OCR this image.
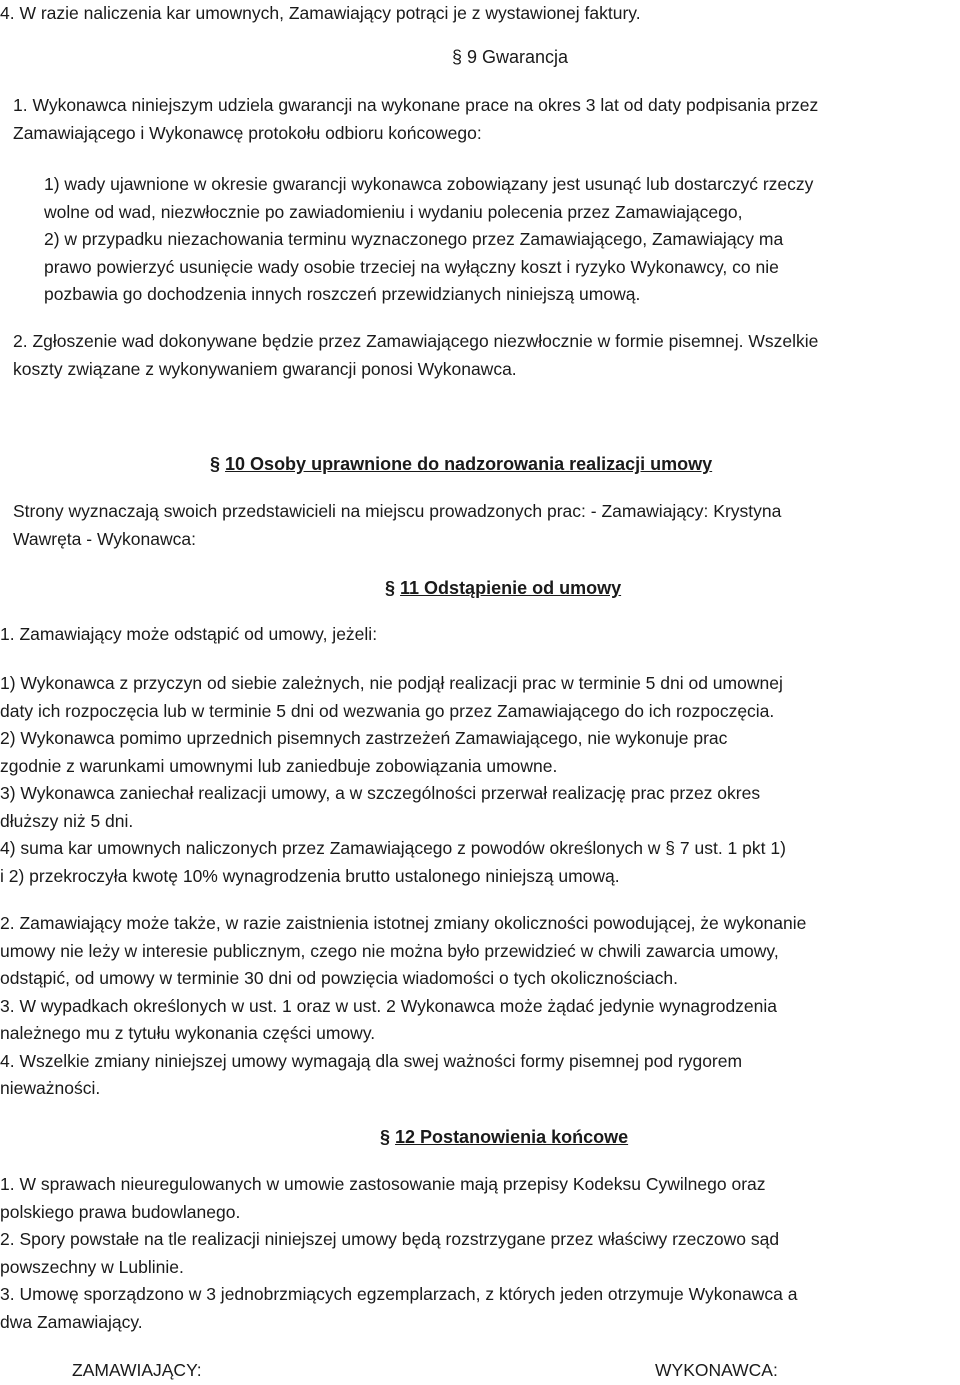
4. W razie naliczenia kar umownych, Zamawiający potrąci je z wystawionej faktury.
§ 9 Gwarancja
1. Wykonawca niniejszym udziela gwarancji na wykonane prace na okres 3 lat od daty podpisania przez
Zamawiającego i Wykonawcę protokołu odbioru końcowego:
1) wady ujawnione w okresie gwarancji wykonawca zobowiązany jest usunąć lub dostarczyć rzeczy
wolne od wad, niezwłocznie po zawiadomieniu i wydaniu polecenia przez Zamawiającego,
2) w przypadku niezachowania terminu wyznaczonego przez Zamawiającego, Zamawiający ma
prawo powierzyć usunięcie wady osobie trzeciej na wyłączny koszt i ryzyko Wykonawcy, co nie
pozbawia go dochodzenia innych roszczeń przewidzianych niniejszą umową.
2. Zgłoszenie wad dokonywane będzie przez Zamawiającego niezwłocznie w formie pisemnej. Wszelkie
koszty związane z wykonywaniem gwarancji ponosi Wykonawca.
§ 10 Osoby uprawnione do nadzorowania realizacji umowy
Strony wyznaczają swoich przedstawicieli na miejscu prowadzonych prac: - Zamawiający: Krystyna
Wawręta - Wykonawca:
§ 11 Odstąpienie od umowy
1. Zamawiający może odstąpić od umowy, jeżeli:
1) Wykonawca z przyczyn od siebie zależnych, nie podjął realizacji prac w terminie 5 dni od umownej
daty ich rozpoczęcia lub w terminie 5 dni od wezwania go przez Zamawiającego do ich rozpoczęcia.
2) Wykonawca pomimo uprzednich pisemnych zastrzeżeń Zamawiającego, nie wykonuje prac
zgodnie z warunkami umownymi lub zaniedbuje zobowiązania umowne.
3) Wykonawca zaniechał realizacji umowy, a w szczególności przerwał realizację prac przez okres
dłuższy niż 5 dni.
4) suma kar umownych naliczonych przez Zamawiającego z powodów określonych w § 7 ust. 1 pkt 1)
i 2) przekroczyła kwotę 10% wynagrodzenia brutto ustalonego niniejszą umową.
2. Zamawiający może także, w razie zaistnienia istotnej zmiany okoliczności powodującej, że wykonanie
umowy nie leży w interesie publicznym, czego nie można było przewidzieć w chwili zawarcia umowy,
odstąpić, od umowy w terminie 30 dni od powzięcia wiadomości o tych okolicznościach.
3. W wypadkach określonych w ust. 1 oraz w ust. 2 Wykonawca może żądać jedynie wynagrodzenia
należnego mu z tytułu wykonania części umowy.
4. Wszelkie zmiany niniejszej umowy wymagają dla swej ważności formy pisemnej pod rygorem
nieważności.
§ 12 Postanowienia końcowe
1. W sprawach nieuregulowanych w umowie zastosowanie mają przepisy Kodeksu Cywilnego oraz
polskiego prawa budowlanego.
2. Spory powstałe na tle realizacji niniejszej umowy będą rozstrzygane przez właściwy rzeczowo sąd
powszechny w Lublinie.
3. Umowę sporządzono w 3 jednobrzmiących egzemplarzach, z których jeden otrzymuje Wykonawca a
dwa Zamawiający.
ZAMAWIAJĄCY:	WYKONAWCA:
